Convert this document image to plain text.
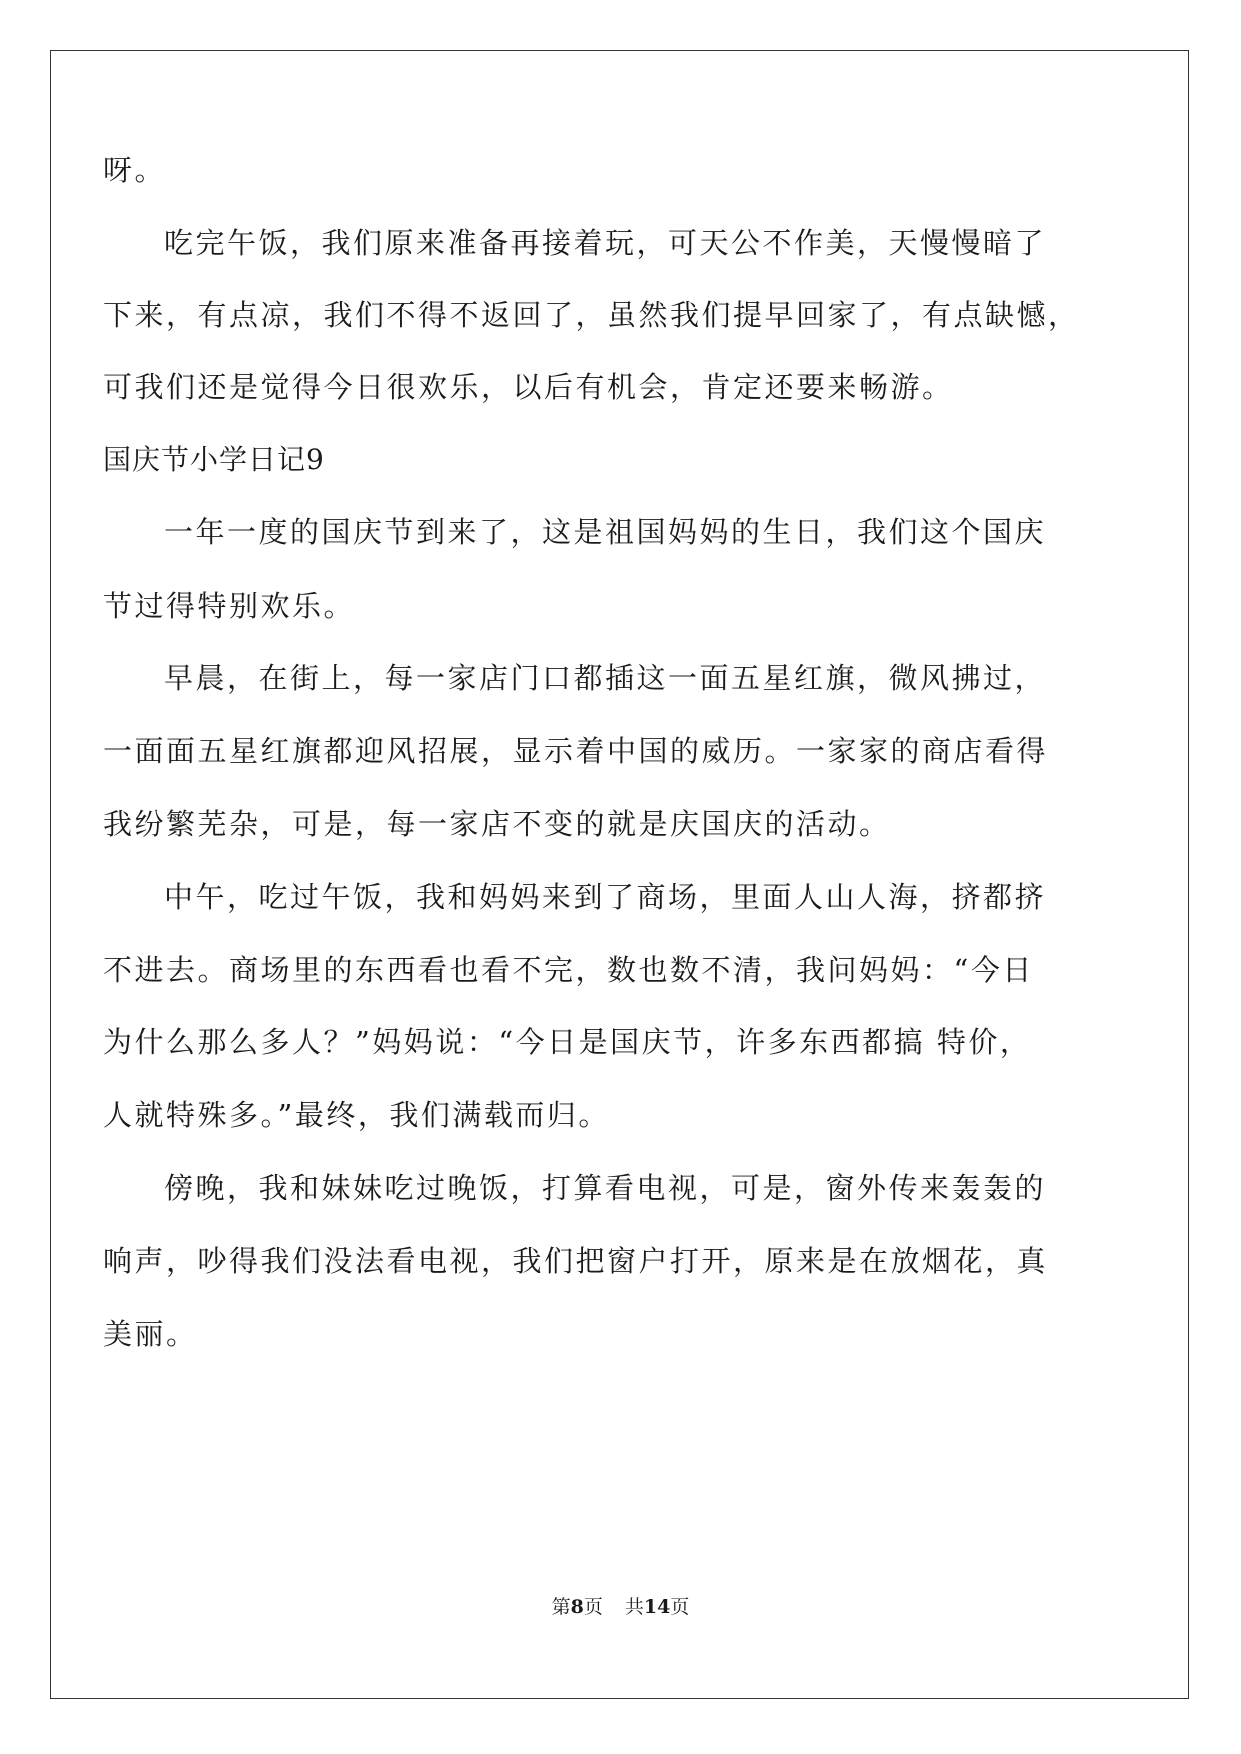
呀。
吃完午饭，我们原来准备再接着玩，可天公不作美，天慢慢暗了
下来，有点凉，我们不得不返回了，虽然我们提早回家了，有点缺憾，
可我们还是觉得今日很欢乐，以后有机会，肯定还要来畅游。
国庆节小学日记9
一年一度的国庆节到来了，这是祖国妈妈的生日，我们这个国庆
节过得特别欢乐。
早晨，在街上，每一家店门口都插这一面五星红旗，微风拂过，
一面面五星红旗都迎风招展，显示着中国的威历。一家家的商店看得
我纷繁芜杂，可是，每一家店不变的就是庆国庆的活动。
中午，吃过午饭，我和妈妈来到了商场，里面人山人海，挤都挤
不进去。商场里的东西看也看不完，数也数不清，我问妈妈：“今日
为什么那么多人？”妈妈说：“今日是国庆节，许多东西都搞 特价，
人就特殊多。”最终，我们满载而归。
傍晚，我和妹妹吃过晚饭，打算看电视，可是，窗外传来轰轰的
响声，吵得我们没法看电视，我们把窗户打开，原来是在放烟花，真
美丽。
第8页 共14页
